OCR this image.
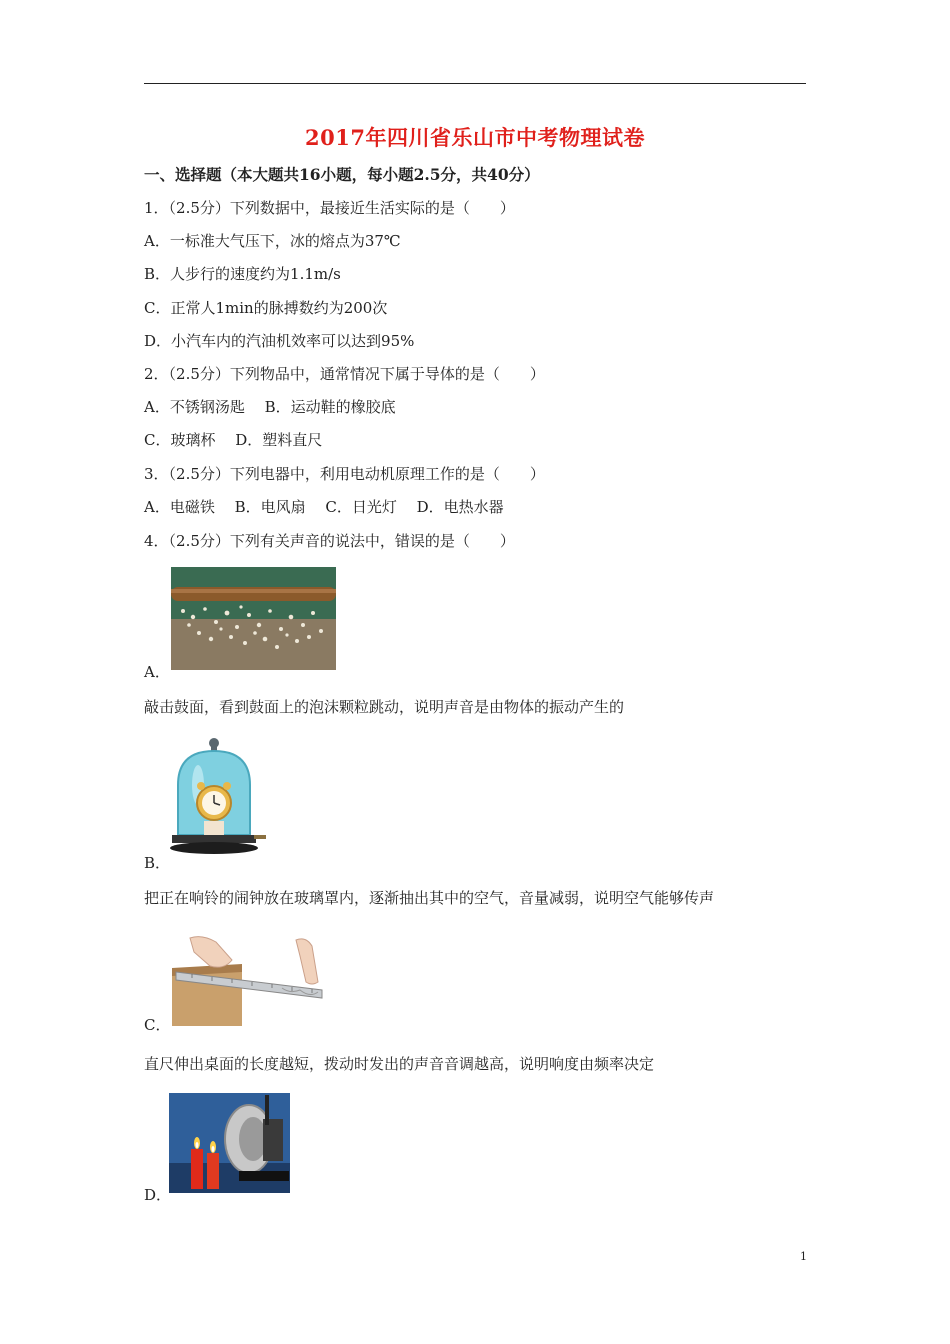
2017年四川省乐山市中考物理试卷
一、选择题（本大题共16小题，每小题2.5分，共40分）
1．（2.5分）下列数据中，最接近生活实际的是（　　）
A．一标准大气压下，冰的熔点为37℃
B．人步行的速度约为1.1m/s
C．正常人1min的脉搏数约为200次
D．小汽车内的汽油机效率可以达到95%
2．（2.5分）下列物品中，通常情况下属于导体的是（　　）
A．不锈钢汤匙　 B．运动鞋的橡胶底
C．玻璃杯　 D．塑料直尺
3．（2.5分）下列电器中，利用电动机原理工作的是（　　）
A．电磁铁　 B．电风扇　 C．日光灯　 D．电热水器
4．（2.5分）下列有关声音的说法中，错误的是（　　）
A．
敲击鼓面，看到鼓面上的泡沫颗粒跳动，说明声音是由物体的振动产生的
B．
把正在响铃的闹钟放在玻璃罩内，逐渐抽出其中的空气，音量减弱，说明空气能够传声
C．
直尺伸出桌面的长度越短，拨动时发出的声音音调越高，说明响度由频率决定
D．
1
